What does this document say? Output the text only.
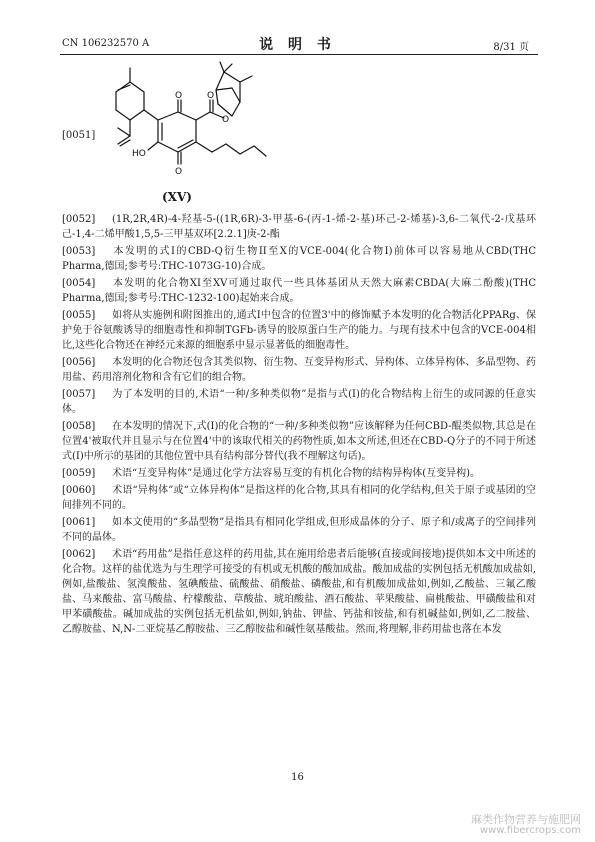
CN 106232570 A	说 明 书	8/31 页
[0051]
O
O
O
O
HO
(XV)

[0052] (1R,2R,4R)-4-羟基-5-((1R,6R)-3-甲基-6-(丙-1-烯-2-基)环己-2-烯基)-3,6-二氧代-2-戊基环己-1,4-二烯甲酸1,5,5-三甲基双环[2.2.1]庚-2-酯

[0053] 本发明的式I的CBD-Q衍生物II至X的VCE-004(化合物I)前体可以容易地从CBD(THC Pharma,德国;参考号:THC-1073G-10)合成。

[0054] 本发明的化合物XI至XV可通过取代一些具体基团从天然大麻素CBDA(大麻二酚酸)(THC Pharma,德国;参考号:THC-1232-100)起始来合成。

[0055] 如将从实施例和附图推出的,通式I中包含的位置3'中的修饰赋予本发明的化合物活化PPARg、保护免于谷氨酸诱导的细胞毒性和抑制TGFb-诱导的胶原蛋白生产的能力。与现有技术中包含的VCE-004相比,这些化合物还在神经元来源的细胞系中显示显著低的细胞毒性。

[0056] 本发明的化合物还包含其类似物、衍生物、互变异构形式、异构体、立体异构体、多晶型物、药用盐、药用溶剂化物和含有它们的组合物。

[0057] 为了本发明的目的,术语“一种/多种类似物”是指与式(I)的化合物结构上衍生的或同源的任意实体。

[0058] 在本发明的情况下,式(I)的化合物的“一种/多种类似物”应该解释为任何CBD-醌类似物,其总是在位置4'被取代并且显示与在位置4'中的该取代相关的药物性质,如本文所述,但还在CBD-Q分子的不同于所述式(I)中所示的基团的其他位置中具有结构部分替代(我不理解这句话)。

[0059] 术语“互变异构体”是通过化学方法容易互变的有机化合物的结构异构体(互变异构)。

[0060] 术语“异构体”或“立体异构体”是指这样的化合物,其具有相同的化学结构,但关于原子或基团的空间排列不同的。

[0061] 如本文使用的“多晶型物”是指具有相同化学组成,但形成晶体的分子、原子和/或离子的空间排列不同的晶体。

[0062] 术语“药用盐”是指任意这样的药用盐,其在施用给患者后能够(直接或间接地)提供如本文中所述的化合物。这样的盐优选为与生理学可接受的有机或无机酸的酸加成盐。酸加成盐的实例包括无机酸加成盐如,例如,盐酸盐、氢溴酸盐、氢碘酸盐、硫酸盐、硝酸盐、磷酸盐,和有机酸加成盐如,例如,乙酸盐、三氟乙酸盐、马来酸盐、富马酸盐、柠檬酸盐、草酸盐、琥珀酸盐、酒石酸盐、苹果酸盐、扁桃酸盐、甲磺酸盐和对甲苯磺酸盐。碱加成盐的实例包括无机盐如,例如,钠盐、钾盐、钙盐和铵盐,和有机碱盐如,例如,乙二胺盐、乙醇胺盐、N,N-二亚烷基乙醇胺盐、三乙醇胺盐和碱性氨基酸盐。然而,将理解,非药用盐也落在本发

16
麻类作物营养与施肥网
www.fibercrops.com
